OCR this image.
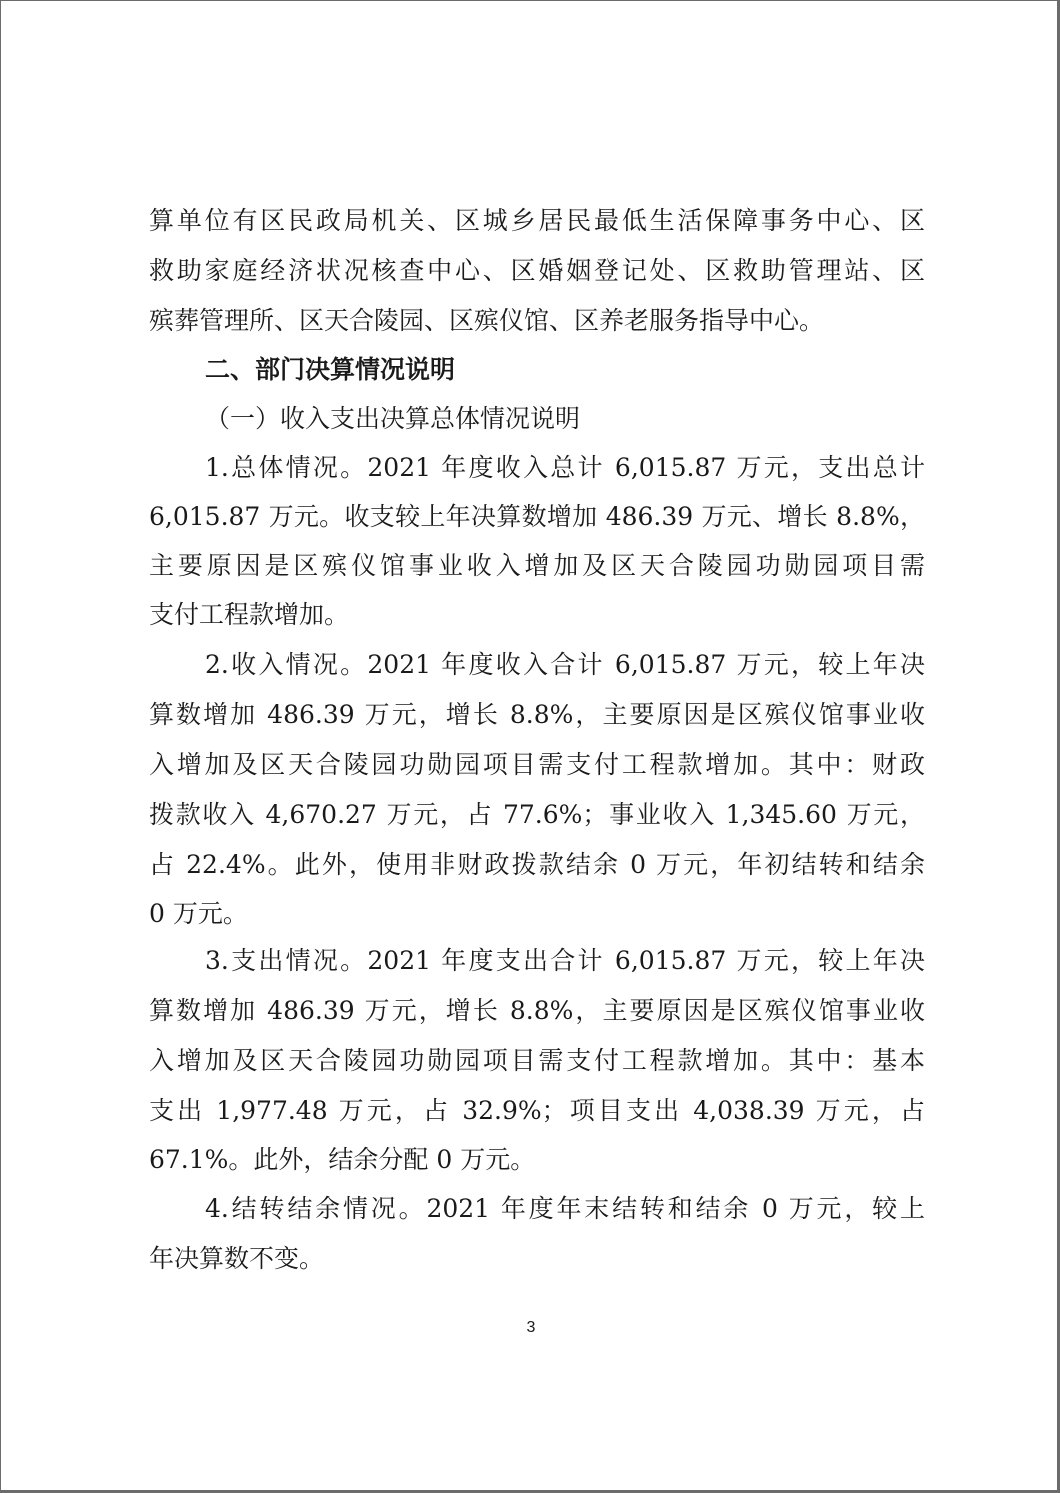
算单位有区民政局机关、区城乡居民最低生活保障事务中心、区
救助家庭经济状况核查中心、区婚姻登记处、区救助管理站、区
殡葬管理所、区天合陵园、区殡仪馆、区养老服务指导中心。
二、部门决算情况说明
（一）收入支出决算总体情况说明
1.总体情况。2021 年度收入总计 6,015.87 万元，支出总计
6,015.87 万元。收支较上年决算数增加 486.39 万元、增长 8.8%，
主要原因是区殡仪馆事业收入增加及区天合陵园功勋园项目需
支付工程款增加。
2.收入情况。2021 年度收入合计 6,015.87 万元，较上年决
算数增加 486.39 万元，增长 8.8%，主要原因是区殡仪馆事业收
入增加及区天合陵园功勋园项目需支付工程款增加。其中：财政
拨款收入 4,670.27 万元，占 77.6%；事业收入 1,345.60 万元，
占 22.4%。此外，使用非财政拨款结余 0 万元，年初结转和结余
0 万元。
3.支出情况。2021 年度支出合计 6,015.87 万元，较上年决
算数增加 486.39 万元，增长 8.8%，主要原因是区殡仪馆事业收
入增加及区天合陵园功勋园项目需支付工程款增加。其中：基本
支出 1,977.48 万元，占 32.9%；项目支出 4,038.39 万元，占
67.1%。此外，结余分配 0 万元。
4.结转结余情况。2021 年度年末结转和结余 0 万元，较上
年决算数不变。
3
